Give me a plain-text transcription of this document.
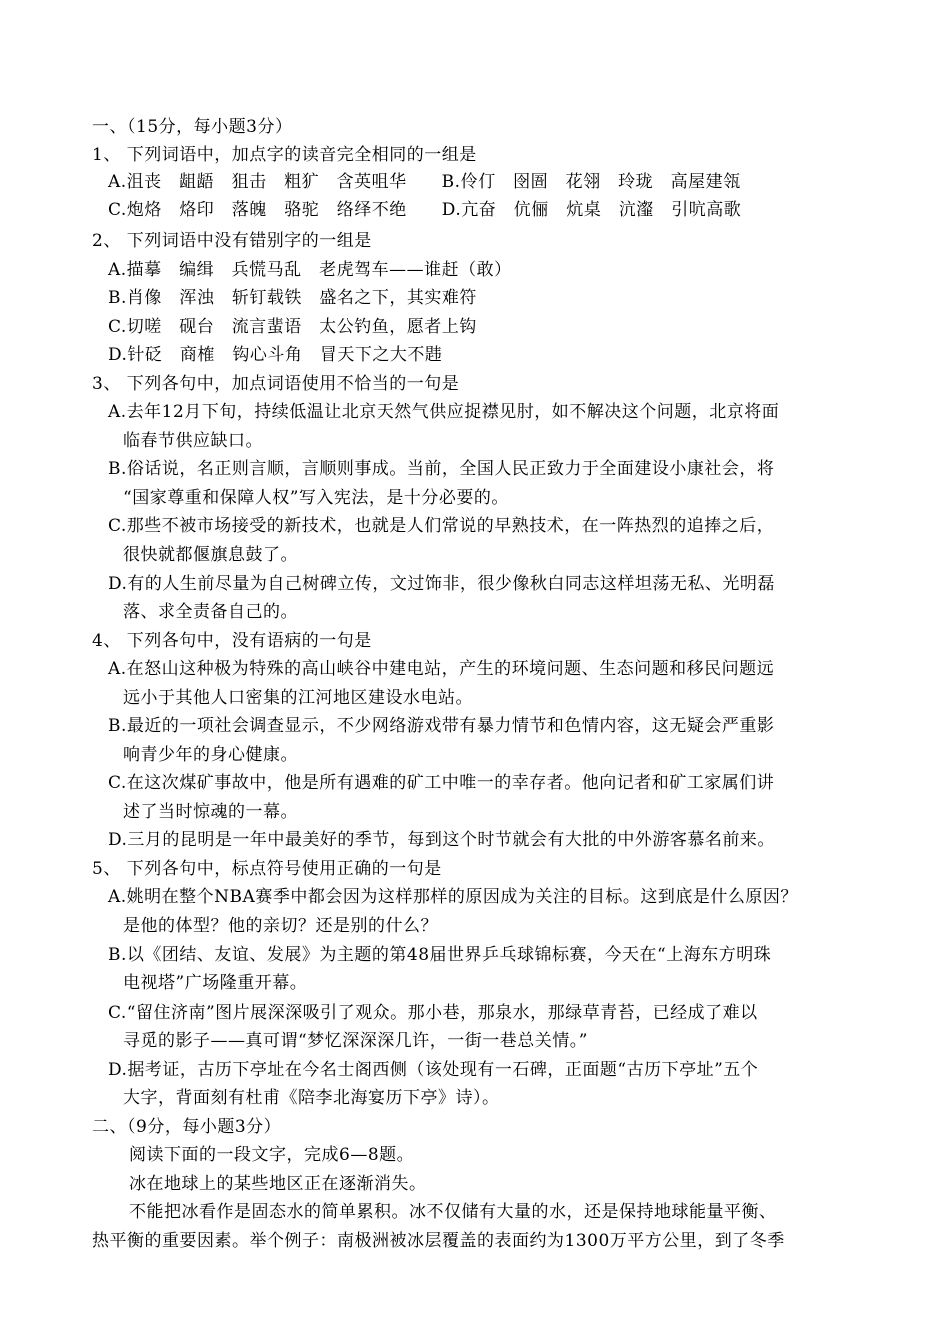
一、（15分，每小题3分）
1、 下列词语中，加点字的读音完全相同的一组是
A.沮丧　龃龉　狙击　粗犷　含英咀华　　B.伶仃　囹圄　花翎　玲珑　高屋建瓴
C.炮烙　烙印　落魄　骆驼　络绎不绝　　D.亢奋　伉俪　炕桌　沆瀣　引吭高歌
2、 下列词语中没有错别字的一组是
A.描摹　编缉　兵慌马乱　老虎驾车——谁赶（敢）
B.肖像　浑浊　斩钉载铁　盛名之下，其实难符
C.切嗟　砚台　流言蜚语　太公钓鱼，愿者上钩
D.针砭　商榷　钩心斗角　冒天下之大不韪
3、 下列各句中，加点词语使用不恰当的一句是
A.去年12月下旬，持续低温让北京天然气供应捉襟见肘，如不解决这个问题，北京将面
临春节供应缺口。
B.俗话说，名正则言顺，言顺则事成。当前，全国人民正致力于全面建设小康社会，将
“国家尊重和保障人权”写入宪法，是十分必要的。
C.那些不被市场接受的新技术，也就是人们常说的早熟技术，在一阵热烈的追捧之后，
很快就都偃旗息鼓了。
D.有的人生前尽量为自己树碑立传，文过饰非，很少像秋白同志这样坦荡无私、光明磊
落、求全责备自己的。
4、 下列各句中，没有语病的一句是
A.在怒山这种极为特殊的高山峡谷中建电站，产生的环境问题、生态问题和移民问题远
远小于其他人口密集的江河地区建设水电站。
B.最近的一项社会调查显示，不少网络游戏带有暴力情节和色情内容，这无疑会严重影
响青少年的身心健康。
C.在这次煤矿事故中，他是所有遇难的矿工中唯一的幸存者。他向记者和矿工家属们讲
述了当时惊魂的一幕。
D.三月的昆明是一年中最美好的季节，每到这个时节就会有大批的中外游客慕名前来。
5、 下列各句中，标点符号使用正确的一句是
A.姚明在整个NBA赛季中都会因为这样那样的原因成为关注的目标。这到底是什么原因？
是他的体型？他的亲切？还是别的什么？
B.以《团结、友谊、发展》为主题的第48届世界乒乓球锦标赛，今天在“上海东方明珠
电视塔”广场隆重开幕。
C.“留住济南”图片展深深吸引了观众。那小巷，那泉水，那绿草青苔，已经成了难以
寻觅的影子——真可谓“梦忆深深深几许，一街一巷总关情。”
D.据考证，古历下亭址在今名士阁西侧（该处现有一石碑，正面题“古历下亭址”五个
大字，背面刻有杜甫《陪李北海宴历下亭》诗）。
二、（9分，每小题3分）
阅读下面的一段文字，完成6—8题。
冰在地球上的某些地区正在逐渐消失。
不能把冰看作是固态水的简单累积。冰不仅储有大量的水，还是保持地球能量平衡、
热平衡的重要因素。举个例子：南极洲被冰层覆盖的表面约为1300万平方公里，到了冬季
